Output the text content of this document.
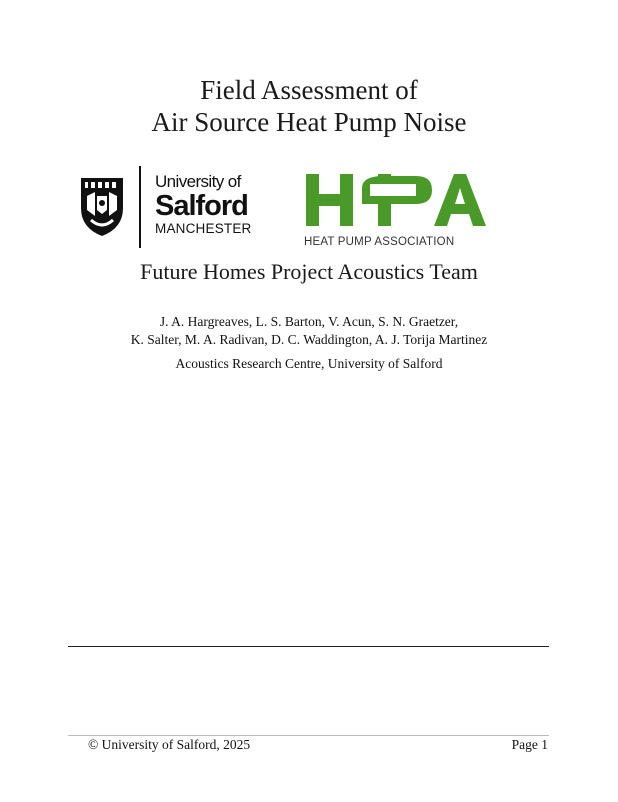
Field Assessment of
Air Source Heat Pump Noise
University of
Salford
MANCHESTER
HEAT PUMP ASSOCIATION
Future Homes Project Acoustics Team
J. A. Hargreaves, L. S. Barton, V. Acun, S. N. Graetzer,
K. Salter, M. A. Radivan, D. C. Waddington, A. J. Torija Martinez
Acoustics Research Centre, University of Salford
© University of Salford, 2025	Page 1
